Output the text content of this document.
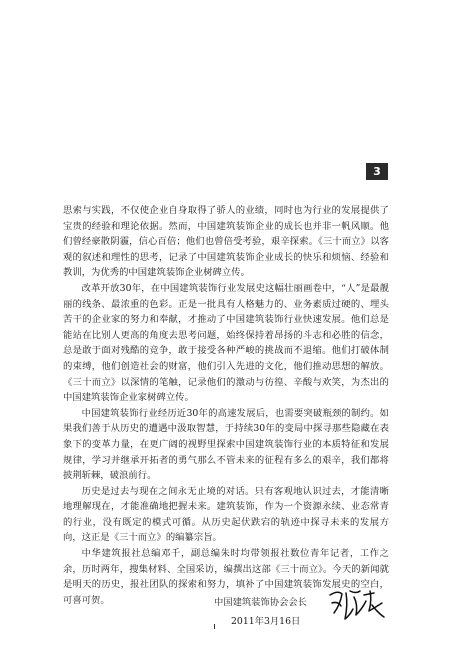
3

思索与实践，不仅使企业自身取得了骄人的业绩，同时也为行业的发展提供了宝贵的经验和理论依据。然而，中国建筑装饰企业的成长也并非一帆风顺。他们曾经豪散阴霾，信心百倍；他们也曾倍受考验，艰辛探索。《三十而立》以客观的叙述和理性的思考，记录了中国建筑装饰企业成长的快乐和烦恼、经验和教训，为优秀的中国建筑装饰企业树碑立传。

改革开放30年，在中国建筑装饰行业发展史这幅壮丽画卷中，“人”是最靓丽的线条、最浓重的色彩。正是一批具有人格魅力的、业务素质过硬的、埋头苦干的企业家的努力和奉献，才推动了中国建筑装饰行业快速发展。他们总是能站在比别人更高的角度去思考问题，始终保持着昂扬的斗志和必胜的信念，总是敢于面对残酷的竞争，敢于接受各种严峻的挑战而不退缩。他们打破体制的束缚，他们创造社会的财富，他们引入先进的文化，他们推动思想的解放。《三十而立》以深情的笔触，记录他们的激动与彷徨、辛酸与欢笑，为杰出的中国建筑装饰企业家树碑立传。

中国建筑装饰行业经历近30年的高速发展后，也需要突破瓶颈的制约。如果我们善于从历史的遭遇中汲取智慧，于持续30年的变局中探寻那些隐藏在表象下的变革力量，在更广阔的视野里探索中国建筑装饰行业的本质特征和发展规律，学习并继承开拓者的勇气那么不管未来的征程有多么的艰辛，我们都将披荆斩棘，破浪前行。

历史是过去与现在之间永无止境的对话。只有客观地认识过去，才能清晰地理解现在，才能准确地把握未来。建筑装饰，作为一个资源永续、业态常青的行业，没有既定的模式可循。从历史起伏跌宕的轨迹中探寻未来的发展方向，这正是《三十而立》的编纂宗旨。

中华建筑报社总编邓千，副总编朱时均带领报社数位青年记者，工作之余，历时两年，搜集材料、全国采访，编撰出这部《三十而立》。今天的新闻就是明天的历史，报社团队的探索和努力，填补了中国建筑装饰发展史的空白，可喜可贺。	中国建筑装饰协会会长
2011年3月16日
